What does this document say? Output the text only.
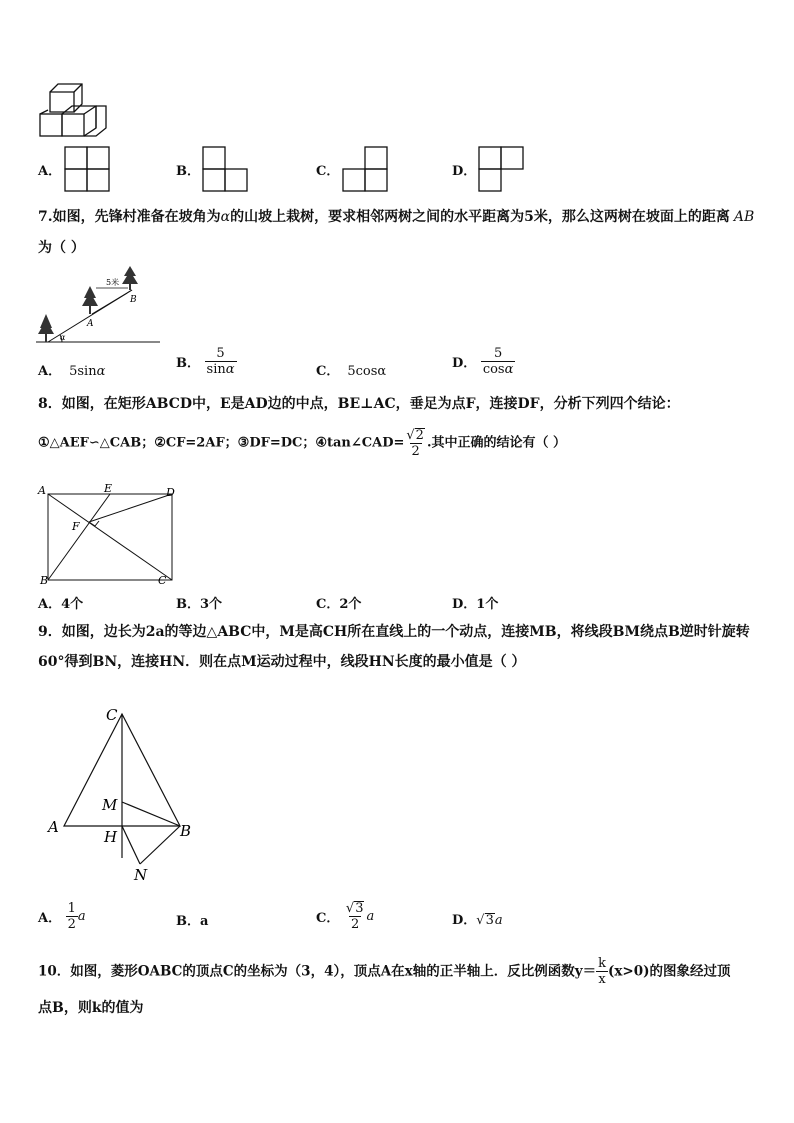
A．	B．	C．	D．
7.如图，先锋村准备在坡角为α的山坡上栽树，要求相邻两树之间的水平距离为5米，那么这两树在坡面上的距离 AB
为（ ）
5米
A
B
α
A． 5sinα
B． $\frac{5}{\sin\alpha}$	C． 5cosα
D． $\frac{5}{\cos\alpha}$
8．如图，在矩形ABCD中，E是AD边的中点，BE⊥AC，垂足为点F，连接DF，分析下列四个结论：
①△AEF∽△CAB；②CF=2AF；③DF=DC；④tan∠CAD= $\frac{√2}{2}$ .其中正确的结论有（ ）
A	E	D
F
B	C
A．4个	B．3个	C．2个	D．1个
9．如图，边长为2a的等边△ABC中，M是高CH所在直线上的一个动点，连接MB，将线段BM绕点B逆时针旋转
60°得到BN，连接HN．则在点M运动过程中，线段HN长度的最小值是（ ）
C
M
A
H	B
N
A． $\frac{1}{2}$ a	B．a	C． $\frac{√3}{2}$ a	D．√3a
10．如图，菱形OABC的顶点C的坐标为（3，4），顶点A在x轴的正半轴上．反比例函数$y= \frac{k}{x} (x>0)$的图象经过顶
点B，则k的值为
